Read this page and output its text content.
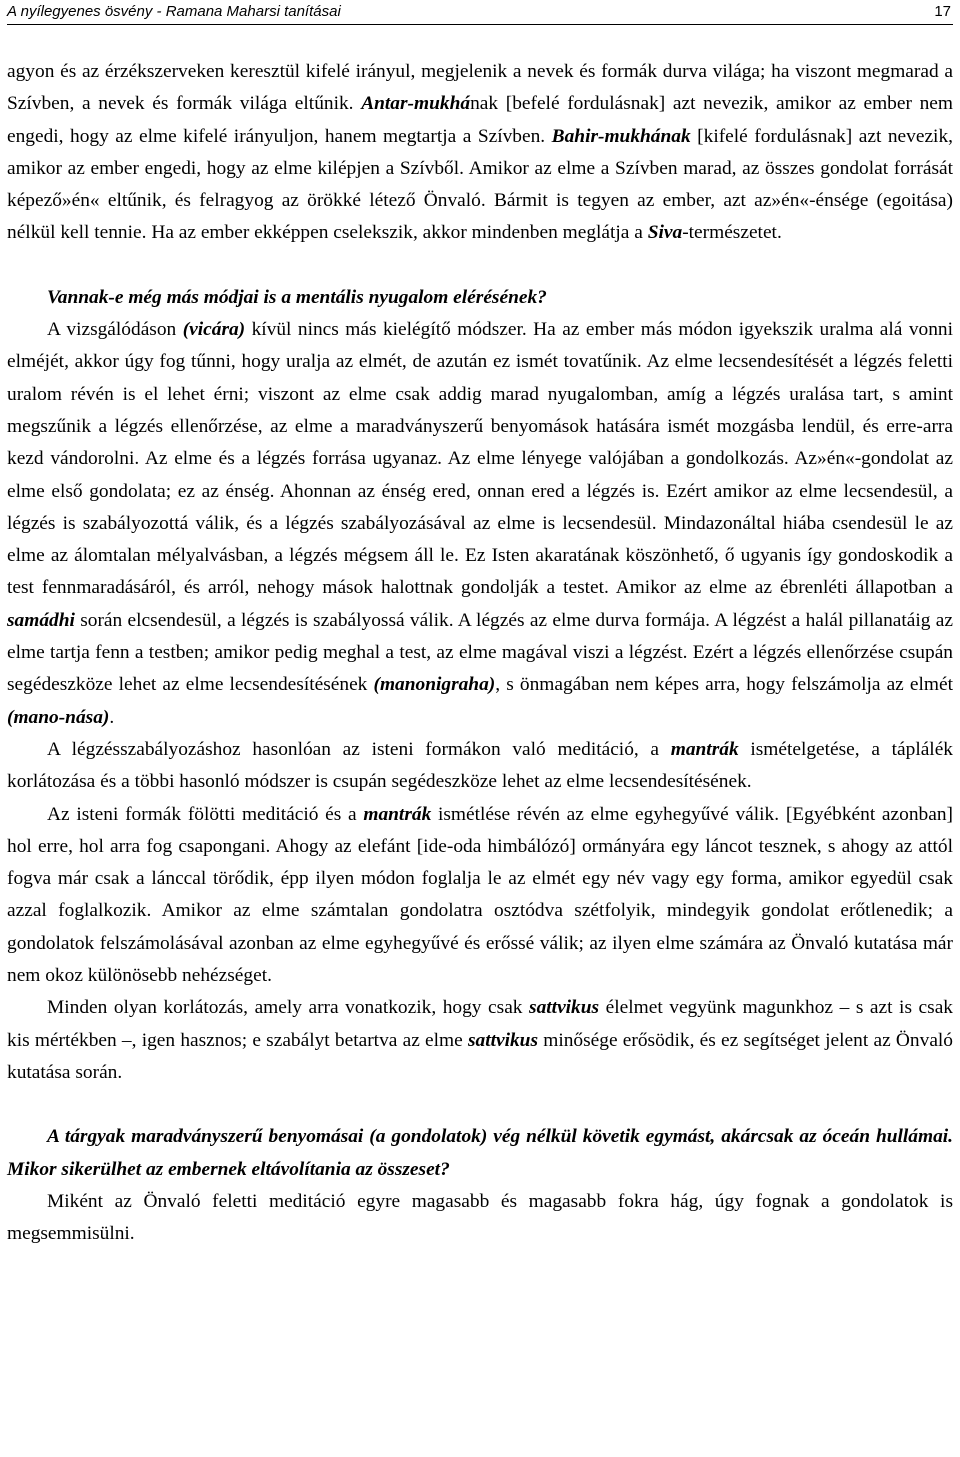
A nyílegyenes ösvény - Ramana Maharsi tanításai	17

agyon és az érzékszerveken keresztül kifelé irányul, megjelenik a nevek és formák durva világa; ha viszont megmarad a Szívben, a nevek és formák világa eltűnik. Antar-mukhának [befelé fordulásnak] azt nevezik, amikor az ember nem engedi, hogy az elme kifelé irányuljon, hanem megtartja a Szívben. Bahir-mukhának [kifelé fordulásnak] azt nevezik, amikor az ember engedi, hogy az elme kilépjen a Szívből. Amikor az elme a Szívben marad, az összes gondolat forrását képező»én« eltűnik, és felragyog az örökké létező Önvaló. Bármit is tegyen az ember, azt az»én«-énsége (egoitása) nélkül kell tennie. Ha az ember ekképpen cselekszik, akkor mindenben meglátja a Siva-természetet.

Vannak-e még más módjai is a mentális nyugalom elérésének?

A vizsgálódáson (vicára) kívül nincs más kielégítő módszer. Ha az ember más módon igyekszik uralma alá vonni elméjét, akkor úgy fog tűnni, hogy uralja az elmét, de azután ez ismét tovatűnik. Az elme lecsendesítését a légzés feletti uralom révén is el lehet érni; viszont az elme csak addig marad nyugalomban, amíg a légzés uralása tart, s amint megszűnik a légzés ellenőrzése, az elme a maradványszerű benyomások hatására ismét mozgásba lendül, és erre-arra kezd vándorolni. Az elme és a légzés forrása ugyanaz. Az elme lényege valójában a gondolkozás. Az»én«-gondolat az elme első gondolata; ez az énség. Ahonnan az énség ered, onnan ered a légzés is. Ezért amikor az elme lecsendesül, a légzés is szabályozottá válik, és a légzés szabályozásával az elme is lecsendesül. Mindazonáltal hiába csendesül le az elme az álomtalan mélyalvásban, a légzés mégsem áll le. Ez Isten akaratának köszönhető, ő ugyanis így gondoskodik a test fennmaradásáról, és arról, nehogy mások halottnak gondolják a testet. Amikor az elme az ébrenléti állapotban a samádhi során elcsendesül, a légzés is szabályossá válik. A légzés az elme durva formája. A légzést a halál pillanatáig az elme tartja fenn a testben; amikor pedig meghal a test, az elme magával viszi a légzést. Ezért a légzés ellenőrzése csupán segédeszköze lehet az elme lecsendesítésének (manonigraha), s önmagában nem képes arra, hogy felszámolja az elmét (mano-nása).

A légzésszabályozáshoz hasonlóan az isteni formákon való meditáció, a mantrák ismételgetése, a táplálék korlátozása és a többi hasonló módszer is csupán segédeszköze lehet az elme lecsendesítésének.

Az isteni formák fölötti meditáció és a mantrák ismétlése révén az elme egyhegyűvé válik. [Egyébként azonban] hol erre, hol arra fog csapongani. Ahogy az elefánt [ide-oda himbálózó] ormányára egy láncot tesznek, s ahogy az attól fogva már csak a lánccal törődik, épp ilyen módon foglalja le az elmét egy név vagy egy forma, amikor egyedül csak azzal foglalkozik. Amikor az elme számtalan gondolatra osztódva szétfolyik, mindegyik gondolat erőtlenedik; a gondolatok felszámolásával azonban az elme egyhegyűvé és erőssé válik; az ilyen elme számára az Önvaló kutatása már nem okoz különösebb nehézséget.

Minden olyan korlátozás, amely arra vonatkozik, hogy csak sattvikus élelmet vegyünk magunkhoz – s azt is csak kis mértékben –, igen hasznos; e szabályt betartva az elme sattvikus minősége erősödik, és ez segítséget jelent az Önvaló kutatása során.

A tárgyak maradványszerű benyomásai (a gondolatok) vég nélkül követik egymást, akárcsak az óceán hullámai. Mikor sikerülhet az embernek eltávolítania az összeset?

Miként az Önvaló feletti meditáció egyre magasabb és magasabb fokra hág, úgy fognak a gondolatok is megsemmisülni.
